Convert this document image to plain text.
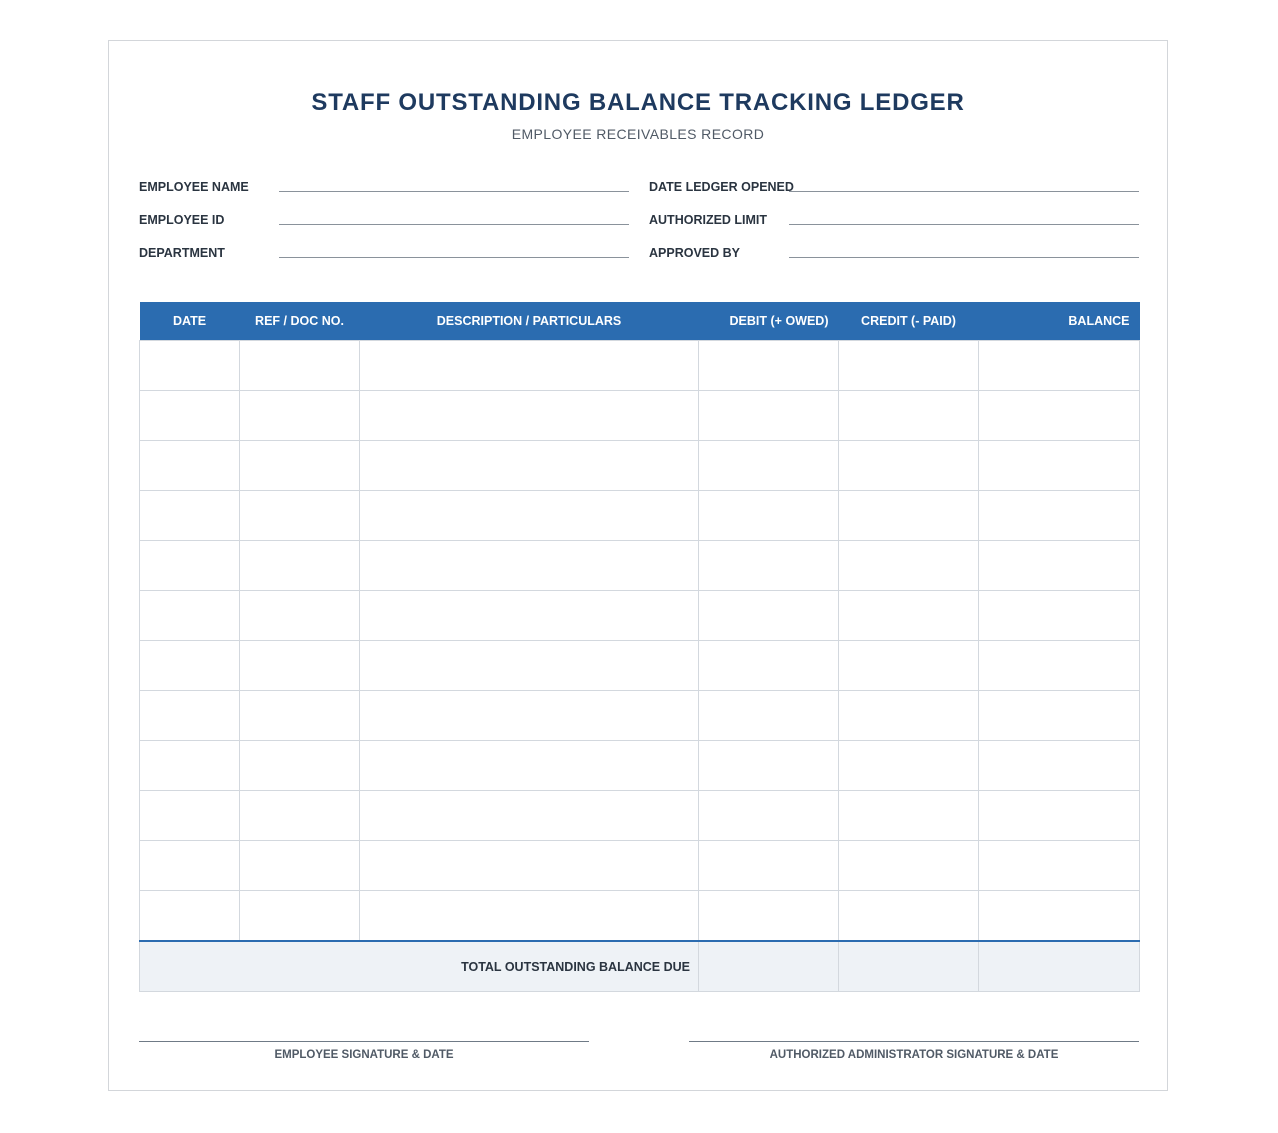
STAFF OUTSTANDING BALANCE TRACKING LEDGER
EMPLOYEE RECEIVABLES RECORD
EMPLOYEE NAME
EMPLOYEE ID
DEPARTMENT
DATE LEDGER OPENED
AUTHORIZED LIMIT
APPROVED BY
DATE	REF / DOC NO.	DESCRIPTION / PARTICULARS	DEBIT (+ OWED)	CREDIT (- PAID)	BALANCE

TOTAL OUTSTANDING BALANCE DUE					
EMPLOYEE SIGNATURE & DATE	AUTHORIZED ADMINISTRATOR SIGNATURE & DATE
